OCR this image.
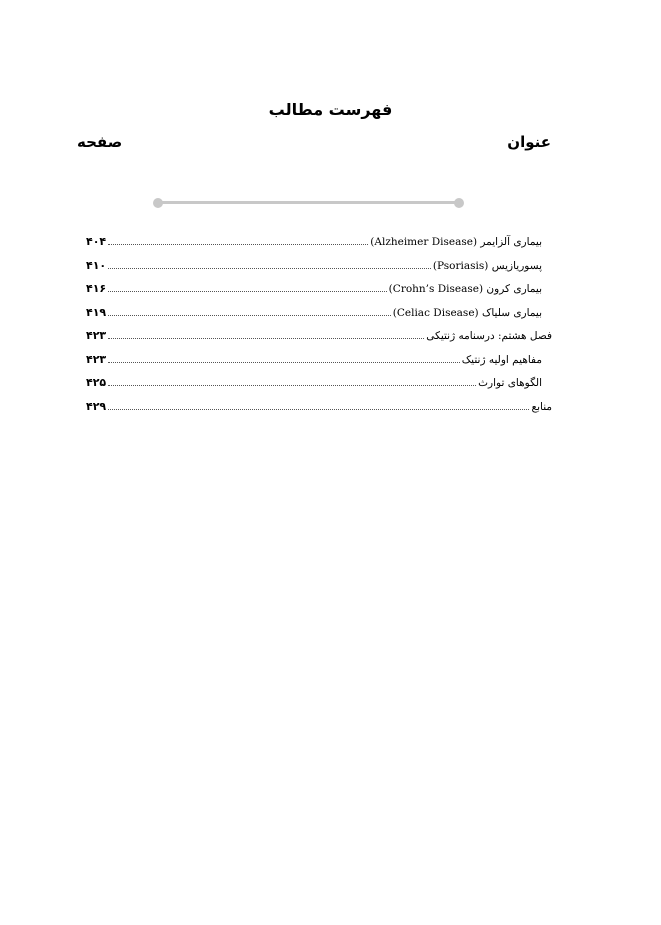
فهرست مطالب
عنوان
صفحه
بیماری آلزایمر (Alzheimer Disease)
۴۰۴
پسوریازیس (Psoriasis)
۴۱۰
بیماری کرون (Crohn’s Disease)
۴۱۶
بیماری سلیاک (Celiac Disease)
۴۱۹
فصل هشتم: درسنامه ژنتیکی
۴۲۳
مفاهیم اولیه ژنتیک
۴۲۳
الگوهای توارث
۴۲۵
منابع
۴۲۹
